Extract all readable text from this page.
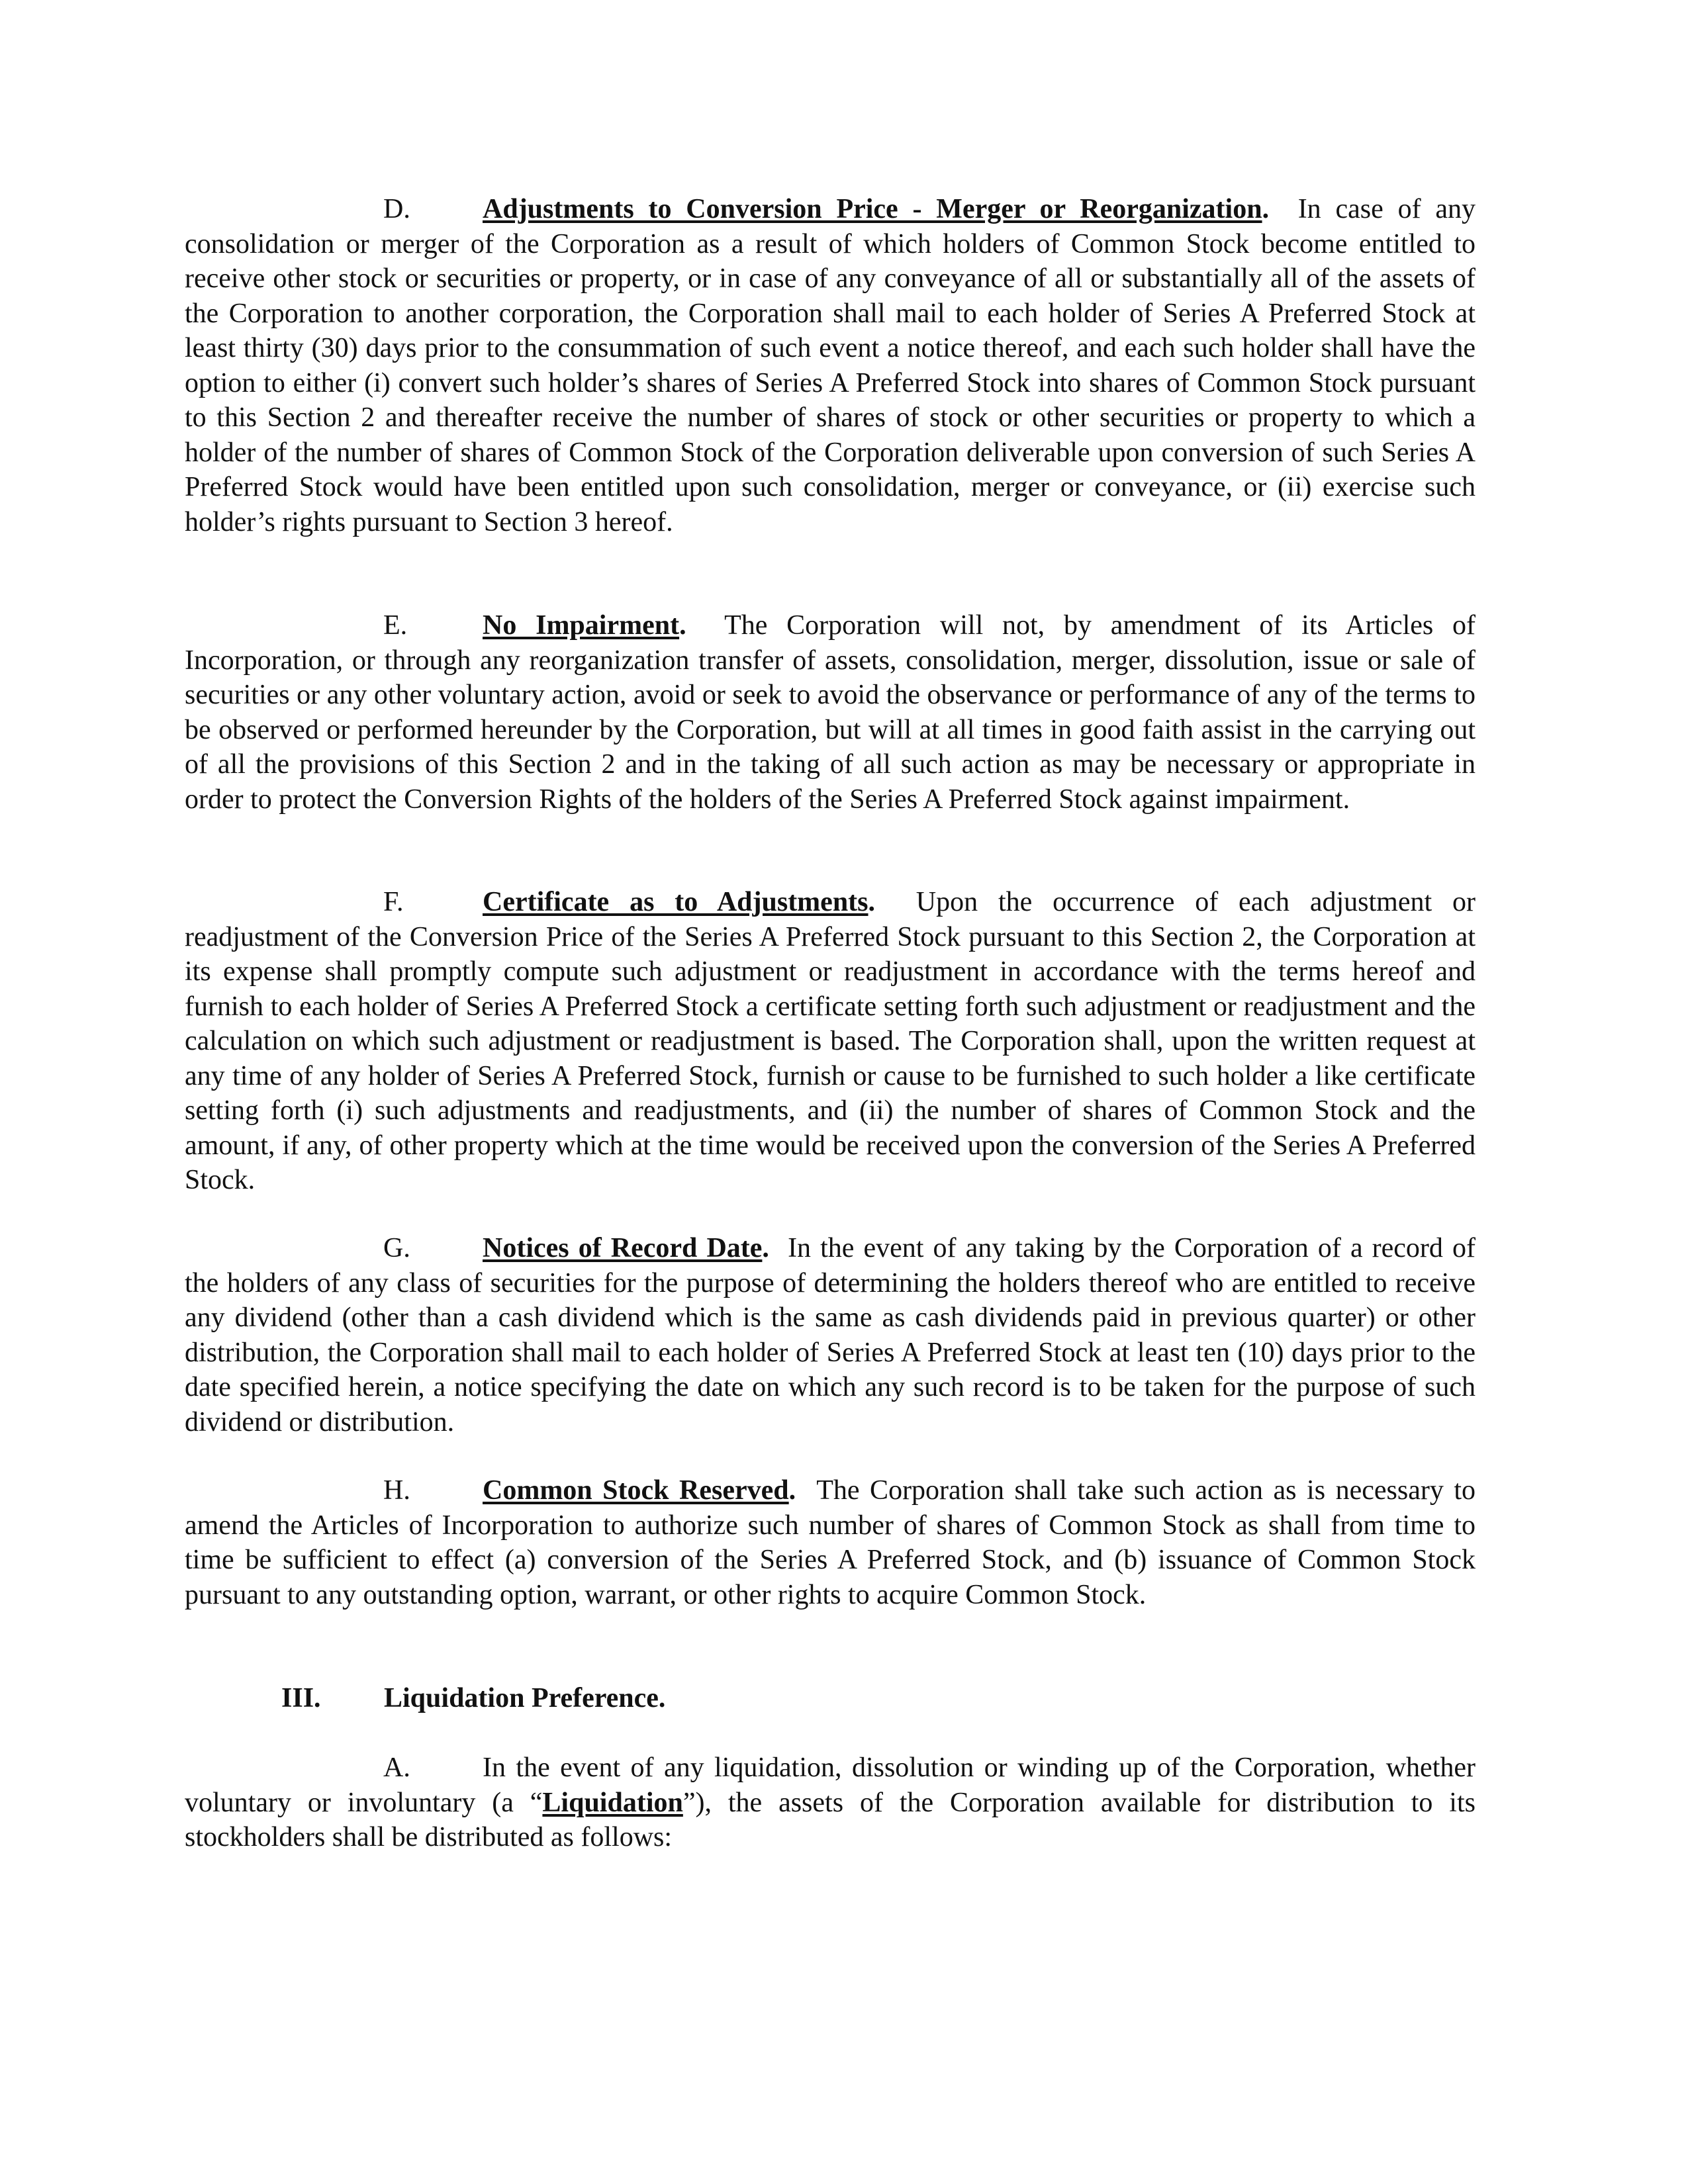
D.	Adjustments to Conversion Price - Merger or Reorganization. In case of any consolidation or merger of the Corporation as a result of which holders of Common Stock become entitled to receive other stock or securities or property, or in case of any conveyance of all or substantially all of the assets of the Corporation to another corporation, the Corporation shall mail to each holder of Series A Preferred Stock at least thirty (30) days prior to the consummation of such event a notice thereof, and each such holder shall have the option to either (i) convert such holder’s shares of Series A Preferred Stock into shares of Common Stock pursuant to this Section 2 and thereafter receive the number of shares of stock or other securities or property to which a holder of the number of shares of Common Stock of the Corporation deliverable upon conversion of such Series A Preferred Stock would have been entitled upon such consolidation, merger or conveyance, or (ii) exercise such holder’s rights pursuant to Section 3 hereof.

E.	No Impairment. The Corporation will not, by amendment of its Articles of Incorporation, or through any reorganization transfer of assets, consolidation, merger, dissolution, issue or sale of securities or any other voluntary action, avoid or seek to avoid the observance or performance of any of the terms to be observed or performed hereunder by the Corporation, but will at all times in good faith assist in the carrying out of all the provisions of this Section 2 and in the taking of all such action as may be necessary or appropriate in order to protect the Conversion Rights of the holders of the Series A Preferred Stock against impairment.

F.	Certificate as to Adjustments. Upon the occurrence of each adjustment or readjustment of the Conversion Price of the Series A Preferred Stock pursuant to this Section 2, the Corporation at its expense shall promptly compute such adjustment or readjustment in accordance with the terms hereof and furnish to each holder of Series A Preferred Stock a certificate setting forth such adjustment or readjustment and the calculation on which such adjustment or readjustment is based. The Corporation shall, upon the written request at any time of any holder of Series A Preferred Stock, furnish or cause to be furnished to such holder a like certificate setting forth (i) such adjustments and readjustments, and (ii) the number of shares of Common Stock and the amount, if any, of other property which at the time would be received upon the conversion of the Series A Preferred Stock.

G.	Notices of Record Date. In the event of any taking by the Corporation of a record of the holders of any class of securities for the purpose of determining the holders thereof who are entitled to receive any dividend (other than a cash dividend which is the same as cash dividends paid in previous quarter) or other distribution, the Corporation shall mail to each holder of Series A Preferred Stock at least ten (10) days prior to the date specified herein, a notice specifying the date on which any such record is to be taken for the purpose of such dividend or distribution.

H.	Common Stock Reserved. The Corporation shall take such action as is necessary to amend the Articles of Incorporation to authorize such number of shares of Common Stock as shall from time to time be sufficient to effect (a) conversion of the Series A Preferred Stock, and (b) issuance of Common Stock pursuant to any outstanding option, warrant, or other rights to acquire Common Stock.

III. Liquidation Preference.

A.	In the event of any liquidation, dissolution or winding up of the Corporation, whether voluntary or involuntary (a “Liquidation”), the assets of the Corporation available for distribution to its stockholders shall be distributed as follows:
